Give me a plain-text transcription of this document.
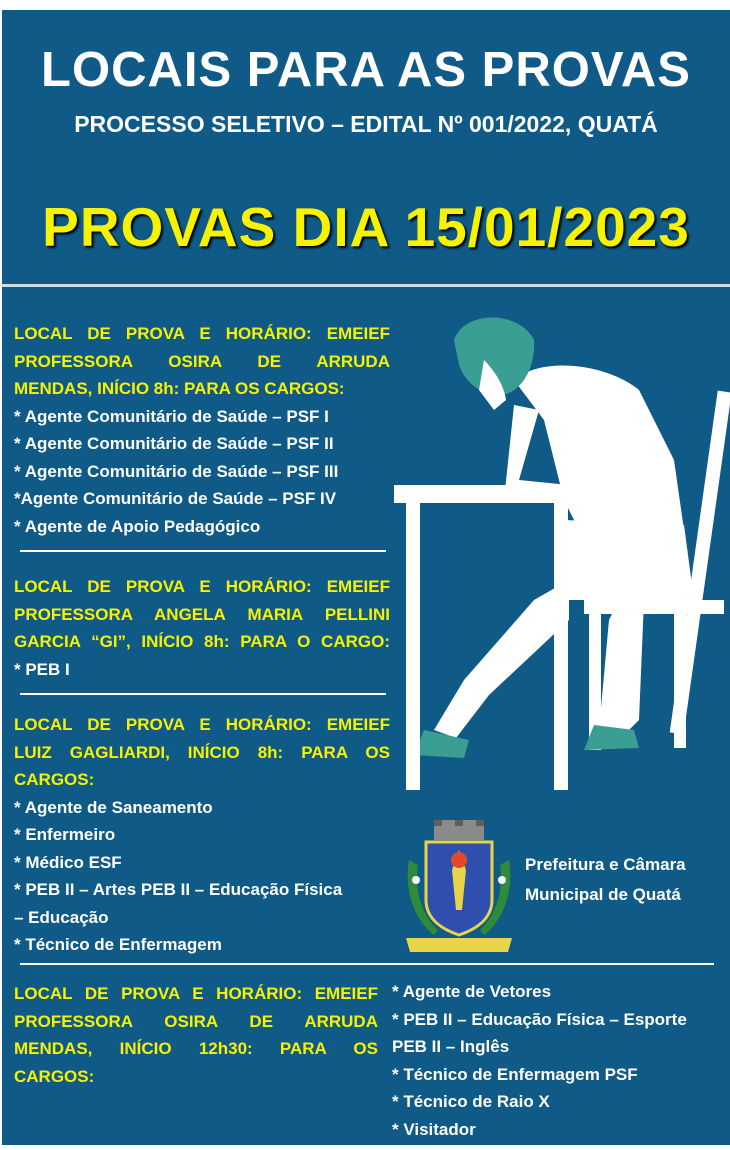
LOCAIS PARA AS PROVAS
PROCESSO SELETIVO – EDITAL Nº 001/2022, QUATÁ
PROVAS DIA 15/01/2023
LOCAL DE PROVA E HORÁRIO: EMEIEF
PROFESSORA OSIRA DE ARRUDA
MENDAS, INÍCIO 8h: PARA OS CARGOS:
* Agente Comunitário de Saúde – PSF I
* Agente Comunitário de Saúde – PSF II
* Agente Comunitário de Saúde – PSF III
*Agente Comunitário de Saúde – PSF IV
* Agente de Apoio Pedagógico
LOCAL DE PROVA E HORÁRIO: EMEIEF
PROFESSORA ANGELA MARIA PELLINI
GARCIA “GI”, INÍCIO 8h: PARA O CARGO:
* PEB I
LOCAL DE PROVA E HORÁRIO: EMEIEF
LUIZ GAGLIARDI, INÍCIO 8h: PARA OS
CARGOS:
* Agente de Saneamento
* Enfermeiro
* Médico ESF
* PEB II – Artes PEB II – Educação Física
– Educação
* Técnico de Enfermagem
LOCAL DE PROVA E HORÁRIO: EMEIEF
PROFESSORA OSIRA DE ARRUDA
MENDAS, INÍCIO 12h30: PARA OS
CARGOS:
* Agente de Vetores
* PEB II – Educação Física – Esporte
PEB II – Inglês
* Técnico de Enfermagem PSF
* Técnico de Raio X
* Visitador
Prefeitura e Câmara
Municipal de Quatá
